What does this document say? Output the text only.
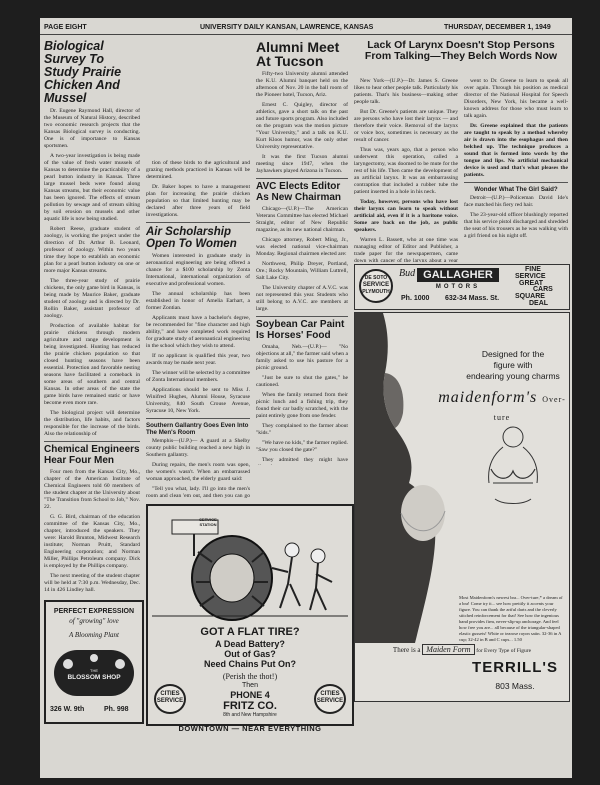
PAGE EIGHT	UNIVERSITY DAILY KANSAN, LAWRENCE, KANSAS	THURSDAY, DECEMBER 1, 1949
Biological Survey To Study Prairie Chicken And Mussel
Dr. Eugene Raymond Hall, director of the Museum of Natural History, described two economic research projects that the Kansas Biological survey is conducting. One is of importance to Kansas sportsmen.
A two-year investigation is being made of the value of fresh water mussels of Kansas to determine the practicability of a pearl button industry in Kansas. Three large mussel beds were found along Kansas streams, but their economic value has been ignored. The effects of stream pollution by sewage and of stream silting by soil erosion on mussels and other aquatic life is now being studied.
Robert Reese, graduate student of zoology, is working the project under the direction of Dr. Arthur B. Leonard, professor of zoology. Within two years time they hope to establish an economic plan for a pearl button industry on one or more major Kansas streams.
The three-year study of prairie chickens, the only game bird in Kansas, is being made by Maurice Baker, graduate student of zoology and is directed by Dr. Rollin Baker, assistant professor of zoology.
Production of available habitat for prairie chickens through modern agriculture and range development is being investigated. Hunting has reduced the prairie chicken population so that closed hunting seasons have been essential. Protection and favorable nesting seasons have facilitated a comeback in some areas of southern and central Kansas. In other areas of the state the game birds have remained static or have become even more rare.
The biological project will determine the distribution, life habits, and factors responsible for the increase of the birds. Also the relationship of
Chemical Engineers Hear Four Men
Four men from the Kansas City, Mo., chapter of the American Institute of Chemical Engineers told 60 members of the student chapter at the University about "The Transition from School to Job," Nov. 22.
G. G. Bird, chairman of the education committee of the Kansas City, Mo., chapter, introduced the speakers. They were: Harold Brunton, Midwest Research institute; Norman Pruitt, Standard Engineering corporation; and Norman Miller, Phillips Petroleum company. Dick is employed by the Phillips company.
The next meeting of the student chapter will be held at 7:30 p.m. Wednesday, Dec. 14 in 426 Lindley hall.
tion of these birds to the agricultural and grazing methods practiced in Kansas will be determined.
Dr. Baker hopes to have a management plan for increasing the prairie chicken population so that limited hunting may be declared after three years of field investigations.
Air Scholarship Open To Women
Women interested in graduate study in aeronautical engineering are being offered a chance for a $100 scholarship by Zonta International, international organization of executive and professional women.
The annual scholarship has been established in honor of Amelia Earhart, a former Zontian.
Applicants must have a bachelor's degree, be recommended for "fine character and high ability," and have completed work required for graduate study of aeronautical engineering in the school which they wish to attend.
If no applicant is qualified this year, two awards may be made next year.
The winner will be selected by a committee of Zonta International members.
Applications should be sent to Miss J. Winifred Hughes, Alumni House, Syracuse University, 840 South Crouse Avenue, Syracuse 10, New York.
Southern Gallantry Goes Even Into The Men's Room
Memphis—(U.P.)— A guard at a Shelby county public building reached a new high in Southern gallantry.
During repairs, the men's room was open, the women's wasn't. When an embarrassed woman approached, the elderly guard said:
"Tell you what, lady. I'll go into the men's room and clean 'em out, and then you can go
Alumni Meet At Tucson
Fifty-two University alumni attended the K.U. Alumni banquet held on the afternoon of Nov. 20 in the ball room of the Pioneer hotel, Tucson, Ariz.
Ernest C. Quigley, director of athletics, gave a short talk on the past and future sports program. Also included on the program was the motion picture "Your University," and a talk on K.U. Kurt Kloos humor, was the only other University representative.
It was the first Tucson alumni meeting since 1947, when the Jayhawkers played Arizona in Tucson.
AVC Elects Editor As New Chairman
Chicago—(U.P.)—The American Veterans Committee has elected Michael Straight, editor of New Republic magazine, as its new national chairman.
Chicago attorney, Robert Ming, Jr., was elected national vice-chairman Monday. Regional chairmen elected are:
Northwest, Philip Dreyer, Portland, Ore.; Rocky Mountain, William Luttrell, Salt Lake City.
The University chapter of A.V.C. was not represented this year. Students who still belong to A.V.C. are members at large.
Soybean Car Paint Is Horses' Food
Omaha, Neb.—(U.P.)— "No objections at all," the farmer said when a family asked to use his pasture for a picnic ground.
"Just be sure to shut the gates," he cautioned.
When the family returned from their picnic lunch and a fishing trip, they found their car badly scratched, with the paint entirely gone from one fender.
They complained to the farmer about "kids."
"We have no kids," the farmer replied. "Saw you closed the gate?"
They admitted they might have
Lack Of Larynx Doesn't Stop Persons From Talking—They Belch Words Now
New York—(U.P.)—Dr. James S. Greene likes to hear other people talk. Particularly his patients. That's his business—making other people talk.
But Dr. Greene's patients are unique. They are persons who have lost their larynx — and therefore their voice. Removal of the larynx or voice box, sometimes is necessary as the result of cancer.
Thus was, years ago, that a person who underwent this operation, called a laryngectomy, was doomed to be mute for the rest of his life. Then came the development of an artificial larynx. It was an embarrassing contraption that included a rubber tube the patient inserted in a hole in his neck.
Today, however, persons who have lost their larynx can learn to speak without artificial aid, even if it is a baritone voice. Some are back on the job, as public speakers.
Warren L. Bassett, who at one time was managing editor of Editor and Publisher, a trade paper for the newspapermen, came down with cancer of the larynx about a year
went to Dr. Greene to learn to speak all over again. Through his position as medical director of the National Hospital for Speech Disorders, New York, his became a well-known address for those who must learn to talk again.
Dr. Greene explained that the patients are taught to speak by a method whereby air is drawn into the esophagus and then belched up. The technique produces a sound that is formed into words by the tongue and lips. No artificial mechanical device is used and that's what pleases the patients.
Wonder What The Girl Said?
Detroit—(U.P.)—Policeman David Ide's face matched his fiery red hair.
The 23-year-old officer blushingly reported that his service pistol discharged and shredded the seat of his trousers as he was walking with a girl friend on his night off.
DE SOTO
SERVICE
PLYMOUTH
Bud GALLAGHER
MOTORS
Ph. 1000 632-34 Mass. St.
FINE
SERVICE
GREAT
CARS
SQUARE
DEAL
Designed for the
figure with
endearing young charms
maidenform's Over-ture
Most Maidenform's newest bra... Over-ture,* a dream of a bra! Come try it... see how prettily it accents your figure. You can thank the artful darts and the cleverly stitched reinforcement for that! See how the ingenious band provides firm, never-slip-up anchorage. And feel how free you are... all because of the triangular-shaped elastic gussets! White or tearose rayon satin. 32-36 in A cup; 32-42 in B and C cups... 1.50
There is a Maiden Form for Every Type of Figure
TERRILL'S
803 Mass.
SERVICE STATION
GOT A FLAT TIRE?
A Dead Battery?
Out of Gas?
Need Chains Put On?
(Perish the thot!)
Then
PHONE 4
CITIES
SERVICE
CITIES
SERVICE
FRITZ CO.
8th and New Hampshire
DOWNTOWN — NEAR EVERYTHING
PERFECT EXPRESSION
of "growing" love
A Blooming Plant
THE
BLOSSOM SHOP
326 W. 9th	Ph. 998
